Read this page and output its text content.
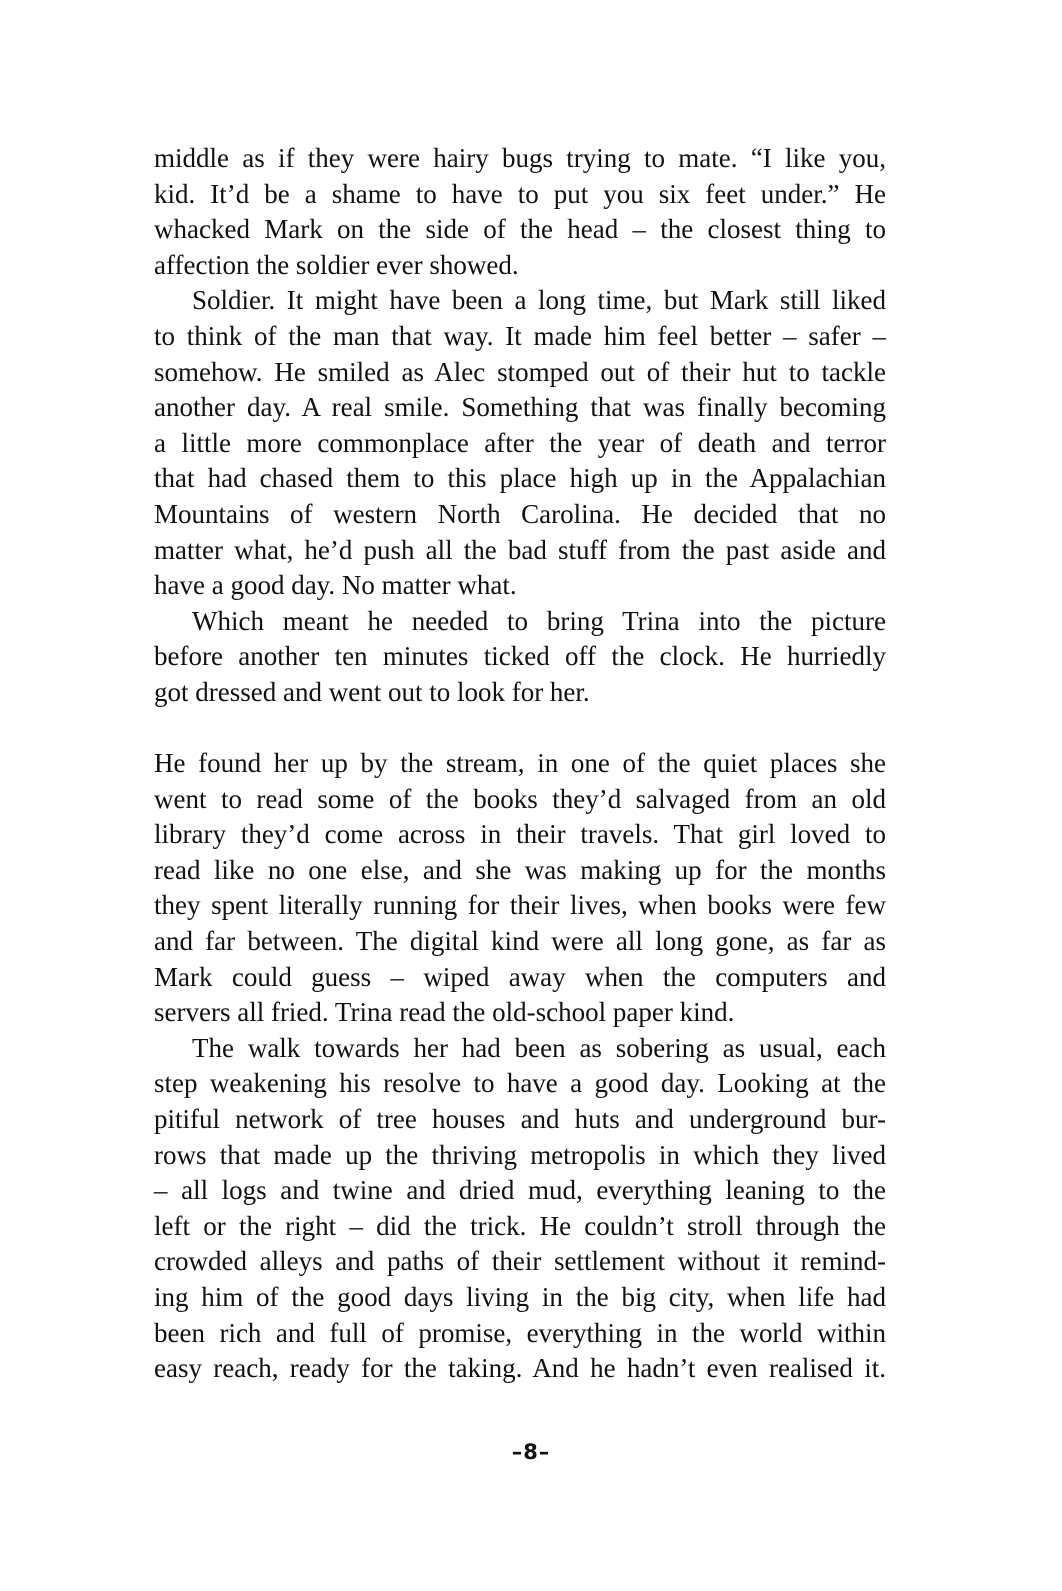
middle as if they were hairy bugs trying to mate. “I like you,
kid. It’d be a shame to have to put you six feet under.” He
whacked Mark on the side of the head – the closest thing to
affection the soldier ever showed.
Soldier. It might have been a long time, but Mark still liked
to think of the man that way. It made him feel better – safer –
somehow. He smiled as Alec stomped out of their hut to tackle
another day. A real smile. Something that was finally becoming
a little more commonplace after the year of death and terror
that had chased them to this place high up in the Appalachian
Mountains of western North Carolina. He decided that no
matter what, he’d push all the bad stuff from the past aside and
have a good day. No matter what.
Which meant he needed to bring Trina into the picture
before another ten minutes ticked off the clock. He hurriedly
got dressed and went out to look for her.
He found her up by the stream, in one of the quiet places she
went to read some of the books they’d salvaged from an old
library they’d come across in their travels. That girl loved to
read like no one else, and she was making up for the months
they spent literally running for their lives, when books were few
and far between. The digital kind were all long gone, as far as
Mark could guess – wiped away when the computers and
servers all fried. Trina read the old-school paper kind.
The walk towards her had been as sobering as usual, each
step weakening his resolve to have a good day. Looking at the
pitiful network of tree houses and huts and underground bur-
rows that made up the thriving metropolis in which they lived
– all logs and twine and dried mud, everything leaning to the
left or the right – did the trick. He couldn’t stroll through the
crowded alleys and paths of their settlement without it remind-
ing him of the good days living in the big city, when life had
been rich and full of promise, everything in the world within
easy reach, ready for the taking. And he hadn’t even realised it.
–8–
